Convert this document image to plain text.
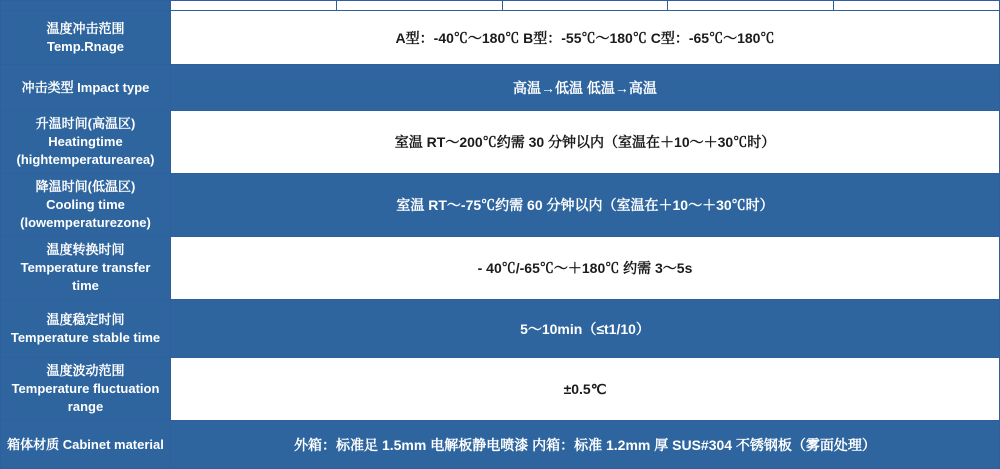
温度冲击范围
Temp.Rnage	A型：-40℃～180℃ B型：-55℃～180℃ C型：-65℃～180℃				

冲击类型 Impact type	高温→低温 低温→高温				

升温时间(高温区)
Heatingtime (hightemperaturearea)	室温 RT～200℃约需 30 分钟以内（室温在＋10～＋30℃时）				

降温时间(低温区)
Cooling time (lowemperaturezone)	室温 RT～-75℃约需 60 分钟以内（室温在＋10～＋30℃时）				

温度转换时间
Temperature transfer time	- 40℃/-65℃～＋180℃ 约需 3～5s				

温度稳定时间
Temperature stable time	5～10min（≤t1/10）				

温度波动范围
Temperature fluctuation range	±0.5℃				

箱体材质 Cabinet material	外箱：标准足 1.5mm 电解板静电喷漆 内箱：标准 1.2mm 厚 SUS#304 不锈钢板（雾面处理）				
